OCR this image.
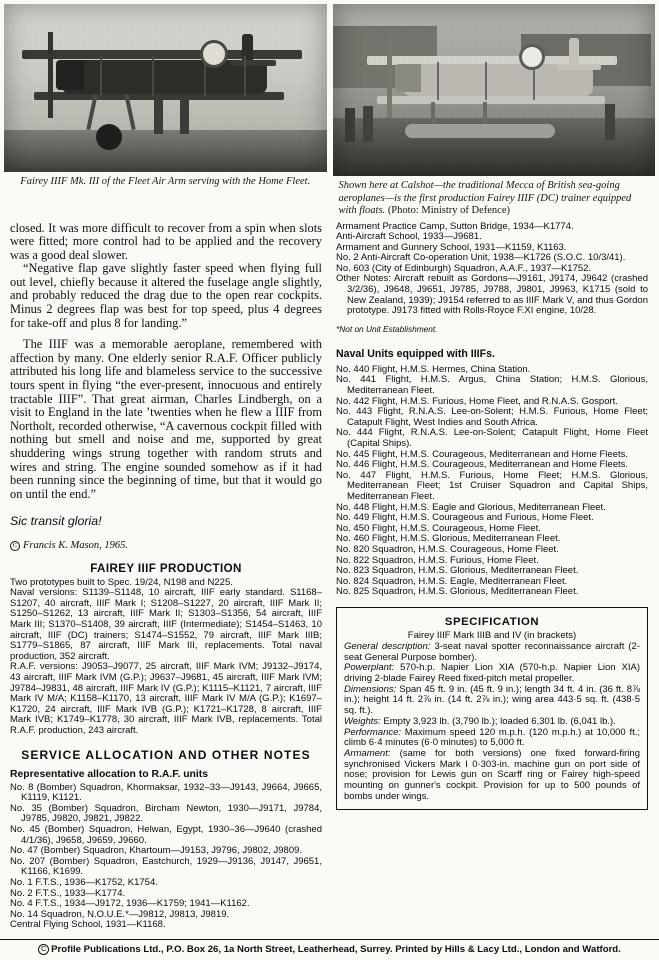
Fairey IIIF Mk. III of the Fleet Air Arm serving with the Home Fleet.	Shown here at Calshot—the traditional Mecca of British sea-going aeroplanes—is the first production Fairey IIIF (DC) trainer equipped with floats. (Photo: Ministry of Defence)

closed. It was more difficult to recover from a spin when slots were fitted; more control had to be applied and the recovery was a good deal slower.

“Negative flap gave slightly faster speed when flying full out level, chiefly because it altered the fuselage angle slightly, and probably reduced the drag due to the open rear cockpits. Minus 2 degrees flap was best for top speed, plus 4 degrees for take-off and plus 8 for landing.”

The IIIF was a memorable aeroplane, remembered with affection by many. One elderly senior R.A.F. Officer publicly attributed his long life and blameless service to the successive tours spent in flying “the ever-present, innocuous and entirely tractable IIIF”. That great airman, Charles Lindbergh, on a visit to England in the late ’twenties when he flew a IIIF from Northolt, recorded otherwise, “A cavernous cockpit filled with nothing but smell and noise and me, supported by great shuddering wings strung together with random struts and wires and string. The engine sounded somehow as if it had been running since the beginning of time, but that it would go on until the end.”

Sic transit gloria!

C Francis K. Mason, 1965.

FAIREY IIIF PRODUCTION

Two prototypes built to Spec. 19/24, N198 and N225.

Naval versions: S1139–S1148, 10 aircraft, IIIF early standard. S1168–S1207, 40 aircraft, IIIF Mark I; S1208–S1227, 20 aircraft, IIIF Mark II; S1250–S1262, 13 aircraft, IIIF Mark II; S1303–S1356, 54 aircraft, IIIF Mark III; S1370–S1408, 39 aircraft, IIIF (Intermediate); S1454–S1463, 10 aircraft, IIIF (DC) trainers; S1474–S1552, 79 aircraft, IIIF Mark IIIB; S1779–S1865, 87 aircraft, IIIF Mark III, replacements. Total naval production, 352 aircraft.

R.A.F. versions: J9053–J9077, 25 aircraft, IIIF Mark IVM; J9132–J9174, 43 aircraft, IIIF Mark IVM (G.P.); J9637–J9681, 45 aircraft, IIIF Mark IVM; J9784–J9831, 48 aircraft, IIIF Mark IV (G.P.); K1115–K1121, 7 aircraft, IIIF Mark IV M/A; K1158–K1170, 13 aircraft, IIIF Mark IV M/A (G.P.); K1697–K1720, 24 aircraft, IIIF Mark IVB (G.P.); K1721–K1728, 8 aircraft, IIIF Mark IVB; K1749–K1778, 30 aircraft, IIIF Mark IVB, replacements. Total R.A.F. production, 243 aircraft.

SERVICE ALLOCATION AND OTHER NOTES
Representative allocation to R.A.F. units

No. 8 (Bomber) Squadron, Khormaksar, 1932–33—J9143, J9664, J9665, K1119, K1121.

No. 35 (Bomber) Squadron, Bircham Newton, 1930—J9171, J9784, J9785, J9820, J9821, J9822.

No. 45 (Bomber) Squadron, Helwan, Egypt, 1930–36—J9640 (crashed 4/1/36), J9658, J9659, J9660.

No. 47 (Bomber) Squadron, Khartoum—J9153, J9796, J9802, J9809.

No. 207 (Bomber) Squadron, Eastchurch, 1929—J9136, J9147, J9651, K1166, K1699.

No. 1 F.T.S., 1936—K1752, K1754.

No. 2 F.T.S., 1933—K1774.

No. 4 F.T.S., 1934—J9172, 1936—K1759; 1941—K1162.

No. 14 Squadron, N.O.U.E.*—J9812, J9813, J9819.

Central Flying School, 1931—K1168.

Armament Practice Camp, Sutton Bridge, 1934—K1774.

Anti-Aircraft School, 1933—J9681.

Armament and Gunnery School, 1931—K1159, K1163.

No. 2 Anti-Aircraft Co-operation Unit, 1938—K1726 (S.O.C. 10/3/41).

No. 603 (City of Edinburgh) Squadron, A.A.F., 1937—K1752.

Other Notes: Aircraft rebuilt as Gordons—J9161, J9174, J9642 (crashed 3/2/36), J9648, J9651, J9785, J9788, J9801, J9963, K1715 (sold to New Zealand, 1939); J9154 referred to as IIIF Mark V, and thus Gordon prototype. J9173 fitted with Rolls-Royce F.XI engine, 10/28.

*Not on Unit Establishment.

Naval Units equipped with IIIFs.

No. 440 Flight, H.M.S. Hermes, China Station.

No. 441 Flight, H.M.S. Argus, China Station; H.M.S. Glorious, Mediterranean Fleet.

No. 442 Flight, H.M.S. Furious, Home Fleet, and R.N.A.S. Gosport.

No. 443 Flight, R.N.A.S. Lee-on-Solent; H.M.S. Furious, Home Fleet; Catapult Flight, West Indies and South Africa.

No. 444 Flight, R.N.A.S. Lee-on-Solent; Catapult Flight, Home Fleet (Capital Ships).

No. 445 Flight, H.M.S. Courageous, Mediterranean and Home Fleets.

No. 446 Flight, H.M.S. Courageous, Mediterranean and Home Fleets.

No. 447 Flight, H.M.S. Furious, Home Fleet; H.M.S. Glorious, Mediterranean Fleet; 1st Cruiser Squadron and Capital Ships, Mediterranean Fleet.

No. 448 Flight, H.M.S. Eagle and Glorious, Mediterranean Fleet.

No. 449 Flight, H.M.S. Courageous and Furious, Home Fleet.

No. 450 Flight, H.M.S. Courageous, Home Fleet.

No. 460 Flight, H.M.S. Glorious, Mediterranean Fleet.

No. 820 Squadron, H.M.S. Courageous, Home Fleet.

No. 822 Squadron, H.M.S. Furious, Home Fleet.

No. 823 Squadron, H.M.S. Glorious, Mediterranean Fleet.

No. 824 Squadron, H.M.S. Eagle, Mediterranean Fleet.

No. 825 Squadron, H.M.S. Glorious, Mediterranean Fleet.

SPECIFICATION
Fairey IIIF Mark IIIB and IV (in brackets)

General description: 3-seat naval spotter reconnaissance aircraft (2-seat General Purpose bomber).

Powerplant: 570-h.p. Napier Lion XIA (570-h.p. Napier Lion XIA) driving 2-blade Fairey Reed fixed-pitch metal propeller.

Dimensions: Span 45 ft. 9 in. (45 ft. 9 in.); length 34 ft. 4 in. (36 ft. 8⅞ in.); height 14 ft. 2⅞ in. (14 ft. 2⅞ in.); wing area 443·5 sq. ft. (438·5 sq. ft.).

Weights: Empty 3,923 lb. (3,790 lb.); loaded 6,301 lb. (6,041 lb.).

Performance: Maximum speed 120 m.p.h. (120 m.p.h.) at 10,000 ft.; climb 6·4 minutes (6·0 minutes) to 5,000 ft.

Armament: (same for both versions) one fixed forward-firing synchronised Vickers Mark I 0·303-in. machine gun on port side of nose; provision for Lewis gun on Scarff ring or Fairey high-speed mounting on gunner's cockpit. Provision for up to 500 pounds of bombs under wings.

C Profile Publications Ltd., P.O. Box 26, 1a North Street, Leatherhead, Surrey. Printed by Hills & Lacy Ltd., London and Watford.
